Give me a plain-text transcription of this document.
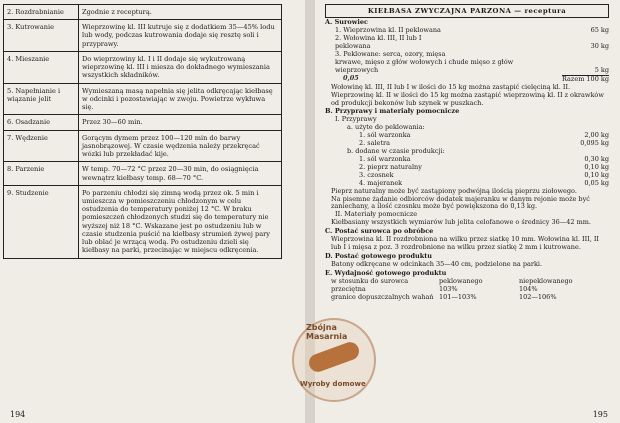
2. Rozdrabnianie	Zgodnie z recepturą.
3. Kutrowanie	Wieprzowinę kl. III kutruje się z dodatkiem 35—45% lodu lub wody, podczas kutrowania dodaje się resztę soli i przyprawy.
4. Mieszanie	Do wieprzowiny kl. I i II dodaje się wykutrowaną wieprzowinę kl. III i miesza do dokładnego wymieszania wszystkich składników.
5. Napełnianie i wiązanie jelit	Wymieszaną masą napełnia się jelita odkręcając kiełbasę w odcinki i pozostawiając w zwoju. Powietrze wykłuwa się.
6. Osadzanie	Przez 30—60 min.
7. Wędzenie	Gorącym dymem przez 100—120 min do barwy jasnobrązowej. W czasie wędzenia należy przekręcać wózki lub przekładać kije.
8. Parzenie	W temp. 70—72 °C przez 20—30 min, do osiągnięcia wewnątrz kiełbasy temp. 68—70 °C.
9. Studzenie	Po parzeniu chłodzi się zimną wodą przez ok. 5 min i umieszcza w pomieszczeniu chłodzonym w celu ostudzenia do temperatury poniżej 12 °C. W braku pomieszczeń chłodzonych studzi się do temperatury nie wyższej niż 18 °C. Wskazane jest po ostudzeniu lub w czasie studzenia puścić na kiełbasy strumień żywej pary lub oblać je wrzącą wodą. Po ostudzeniu dzieli się kiełbasy na parki, przecinając w miejscu odkręcenia.
194
KIEŁBASA ZWYCZAJNA PARZONA — receptura
A. Surowiec
1. Wieprzowina kl. II peklowana	65 kg
2. Wołowina kl. III, II lub I
peklowana	30 kg
3. Peklowane: serca, ozory, mięsa
krwawe, mięso z głów wołowych i chude mięso z głów
wieprzowych	5 kg
0,05	Razem 100 kg
Wołowinę kl. III, II lub I w ilości do 15 kg można zastąpić cielęciną kl. II. Wieprzowinę kl. II w ilości do 15 kg można zastąpić wieprzowiną kl. II z okrawków od produkcji bekonów lub szynek w puszkach.
B. Przyprawy i materiały pomocnicze
I. Przyprawy
a. użyte do peklowania:
1. sól warzonka	2,00 kg
2. saletra	0,095 kg
b. dodane w czasie produkcji:
1. sól warzonka	0,30 kg
2. pieprz naturalny	0,10 kg
3. czosnek	0,10 kg
4. majeranek	0,05 kg
Pieprz naturalny może być zastąpiony podwójną ilością pieprzu ziołowego.
Na pisemne żądanie odbiorców dodatek majeranku w danym rejonie może być zaniechany, a ilość czosnku może być powiększona do 0,13 kg.
II. Materiały pomocnicze
Kiełbasiany wszystkich wymiarów lub jelita celofanowe o średnicy 36—42 mm.
C. Postać surowca po obróbce
Wieprzowina kl. II rozdrobniona na wilku przez siatkę 10 mm. Wołowina kl. III, II lub I i mięsa z poz. 3 rozdrobnione na wilku przez siatkę 2 mm i kutrowane.
D. Postać gotowego produktu
Batony odkręcane w odcinkach 35—40 cm, podzielone na parki.
E. Wydajność gotowego produktu
w stosunku do surowca	peklowanego	niepeklowanego
przeciętna	103%	104%
granice dopuszczalnych wahań 101—103%	102—106%
195
Zbójna Masarnia
Wyroby domowe
